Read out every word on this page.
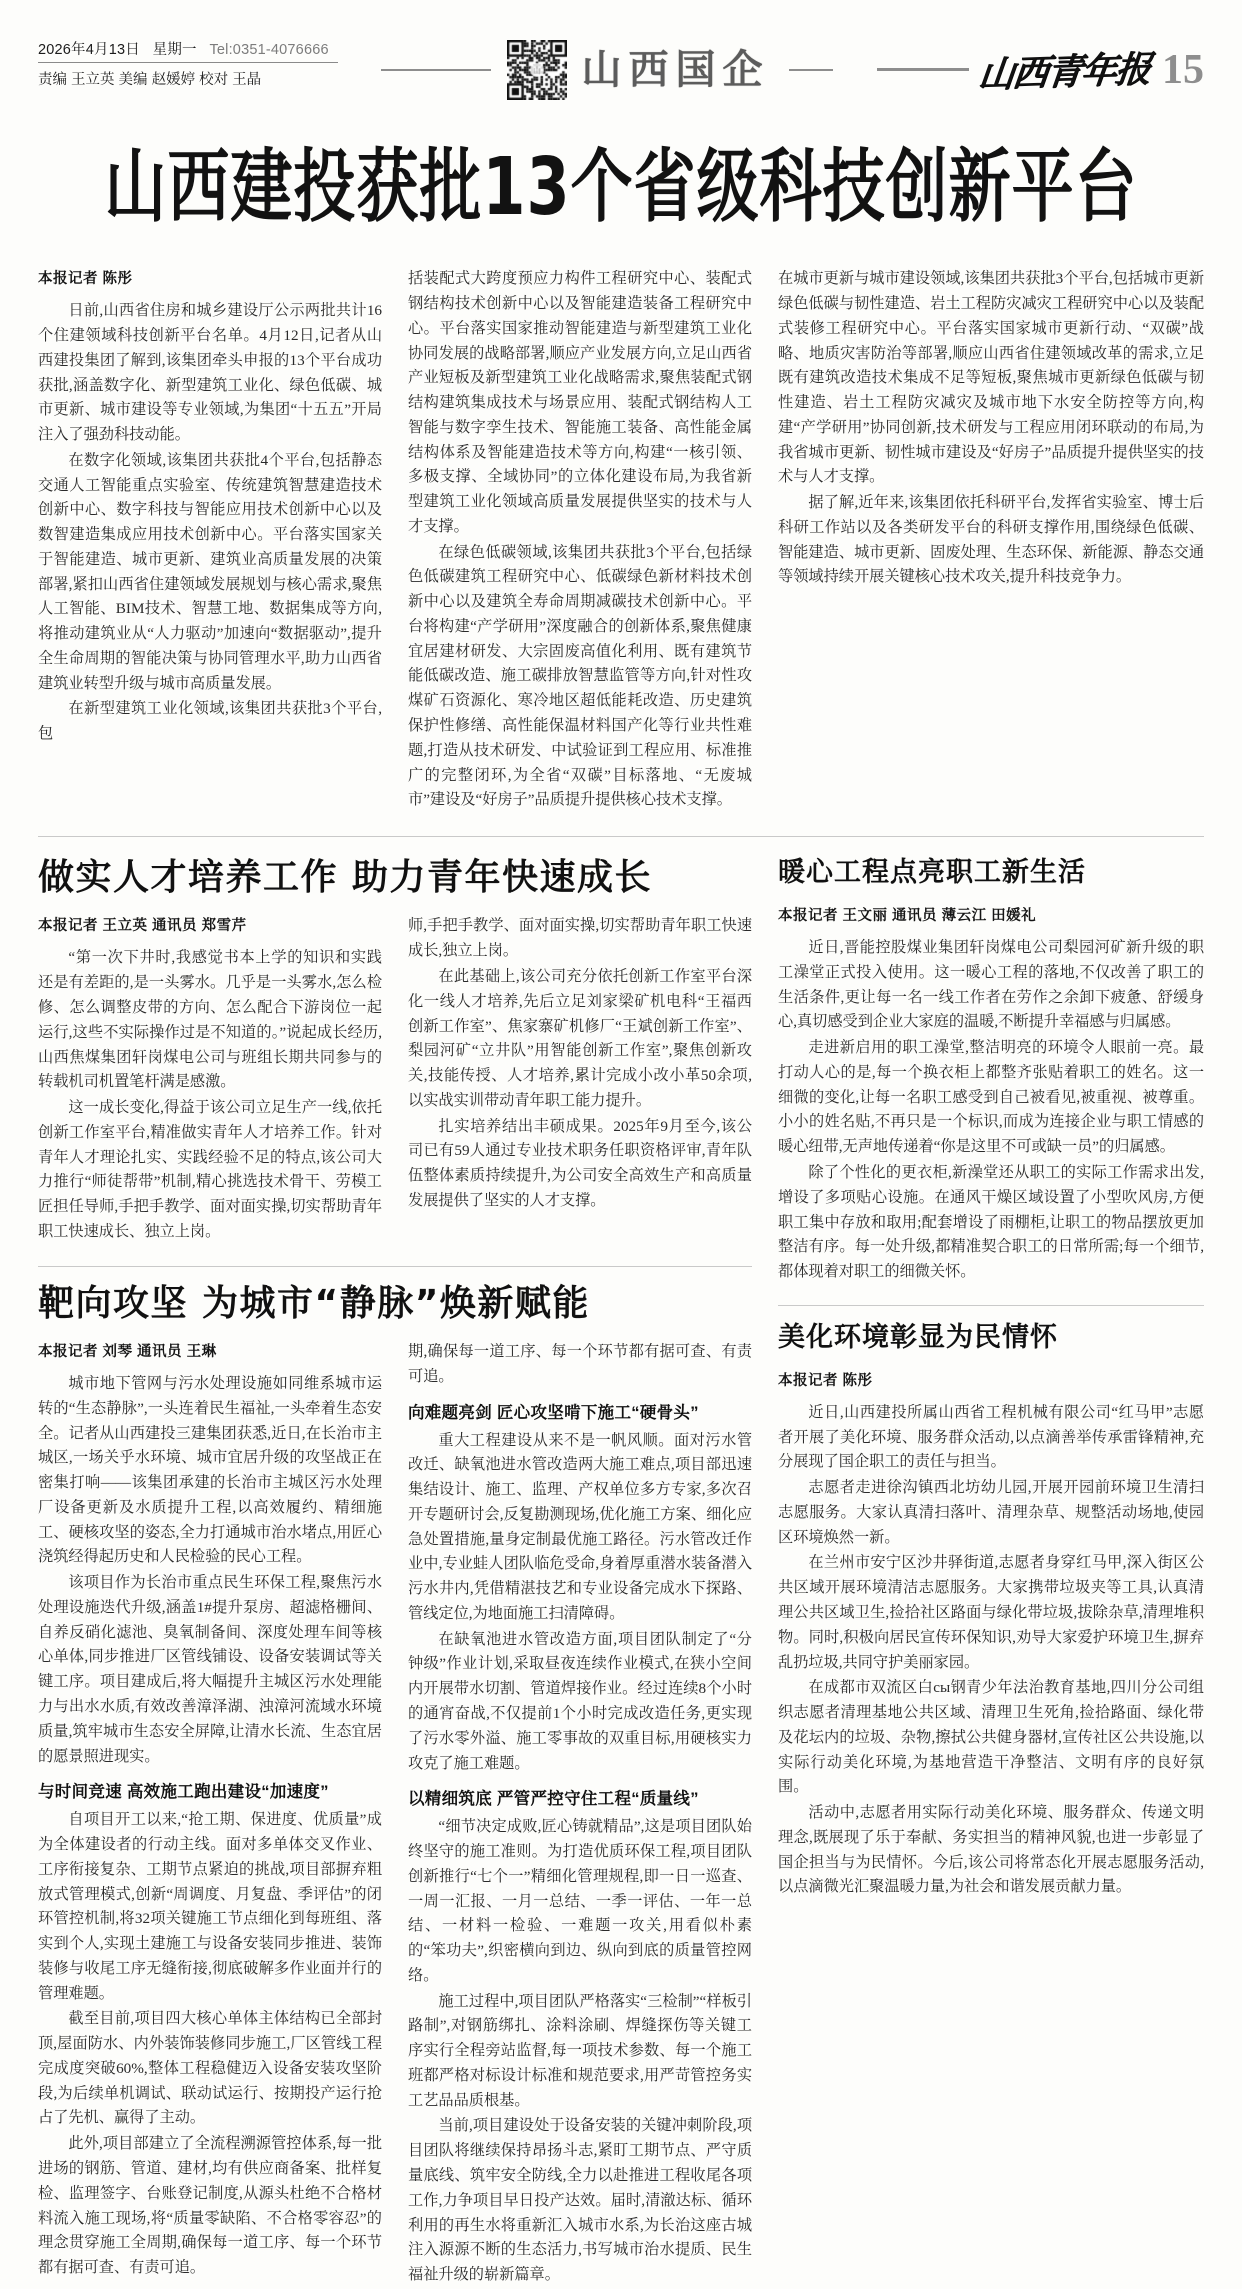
2026年4月13日 星期一 Tel:0351-4076666
责编 王立英 美编 赵媛婷 校对 王晶	山西国企	山西青年报 15
山西建投获批13个省级科技创新平台
本报记者 陈彤

日前,山西省住房和城乡建设厅公示两批共计16个住建领域科技创新平台名单。4月12日,记者从山西建投集团了解到,该集团牵头申报的13个平台成功获批,涵盖数字化、新型建筑工业化、绿色低碳、城市更新、城市建设等专业领域,为集团“十五五”开局注入了强劲科技动能。

在数字化领域,该集团共获批4个平台,包括静态交通人工智能重点实验室、传统建筑智慧建造技术创新中心、数字科技与智能应用技术创新中心以及数智建造集成应用技术创新中心。平台落实国家关于智能建造、城市更新、建筑业高质量发展的决策部署,紧扣山西省住建领域发展规划与核心需求,聚焦人工智能、BIM技术、智慧工地、数据集成等方向,将推动建筑业从“人力驱动”加速向“数据驱动”,提升全生命周期的智能决策与协同管理水平,助力山西省建筑业转型升级与城市高质量发展。

在新型建筑工业化领域,该集团共获批3个平台,包

括装配式大跨度预应力构件工程研究中心、装配式钢结构技术创新中心以及智能建造装备工程研究中心。平台落实国家推动智能建造与新型建筑工业化协同发展的战略部署,顺应产业发展方向,立足山西省产业短板及新型建筑工业化战略需求,聚焦装配式钢结构建筑集成技术与场景应用、装配式钢结构人工智能与数字孪生技术、智能施工装备、高性能金属结构体系及智能建造技术等方向,构建“一核引领、多极支撑、全域协同”的立体化建设布局,为我省新型建筑工业化领域高质量发展提供坚实的技术与人才支撑。

在绿色低碳领域,该集团共获批3个平台,包括绿色低碳建筑工程研究中心、低碳绿色新材料技术创新中心以及建筑全寿命周期减碳技术创新中心。平台将构建“产学研用”深度融合的创新体系,聚焦健康宜居建材研发、大宗固废高值化利用、既有建筑节能低碳改造、施工碳排放智慧监管等方向,针对性攻煤矿石资源化、寒冷地区超低能耗改造、历史建筑保护性修缮、高性能保温材料国产化等行业共性难题,打造从技术研发、中试验证到工程应用、标准推广的完整闭环,为全省“双碳”目标落地、“无废城市”建设及“好房子”品质提升提供核心技术支撑。

在城市更新与城市建设领域,该集团共获批3个平台,包括城市更新绿色低碳与韧性建造、岩土工程防灾减灾工程研究中心以及装配式装修工程研究中心。平台落实国家城市更新行动、“双碳”战略、地质灾害防治等部署,顺应山西省住建领域改革的需求,立足既有建筑改造技术集成不足等短板,聚焦城市更新绿色低碳与韧性建造、岩土工程防灾减灾及城市地下水安全防控等方向,构建“产学研用”协同创新,技术研发与工程应用闭环联动的布局,为我省城市更新、韧性城市建设及“好房子”品质提升提供坚实的技术与人才支撑。

据了解,近年来,该集团依托科研平台,发挥省实验室、博士后科研工作站以及各类研发平台的科研支撑作用,围绕绿色低碳、智能建造、城市更新、固废处理、生态环保、新能源、静态交通等领域持续开展关键核心技术攻关,提升科技竞争力。

做实人才培养工作 助力青年快速成长
本报记者 王立英 通讯员 郑雪芹

“第一次下井时,我感觉书本上学的知识和实践还是有差距的,是一头雾水。几乎是一头雾水,怎么检修、怎么调整皮带的方向、怎么配合下游岗位一起运行,这些不实际操作过是不知道的。”说起成长经历,山西焦煤集团轩岗煤电公司与班组长期共同参与的转载机司机置笔杆满是感激。

这一成长变化,得益于该公司立足生产一线,依托创新工作室平台,精准做实青年人才培养工作。针对青年人才理论扎实、实践经验不足的特点,该公司大力推行“师徒帮带”机制,精心挑选技术骨干、劳模工匠担任导师,手把手教学、面对面实操,切实帮助青年职工快速成长、独立上岗。

师,手把手教学、面对面实操,切实帮助青年职工快速成长,独立上岗。

在此基础上,该公司充分依托创新工作室平台深化一线人才培养,先后立足刘家梁矿机电科“王福西创新工作室”、焦家寨矿机修厂“王斌创新工作室”、梨园河矿“立井队”用智能创新工作室”,聚焦创新攻关,技能传授、人才培养,累计完成小改小革50余项,以实战实训带动青年职工能力提升。

扎实培养结出丰硕成果。2025年9月至今,该公司已有59人通过专业技术职务任职资格评审,青年队伍整体素质持续提升,为公司安全高效生产和高质量发展提供了坚实的人才支撑。

靶向攻坚 为城市“静脉”焕新赋能
本报记者 刘琴 通讯员 王琳

城市地下管网与污水处理设施如同维系城市运转的“生态静脉”,一头连着民生福祉,一头牵着生态安全。记者从山西建投三建集团获悉,近日,在长治市主城区,一场关乎水环境、城市宜居升级的攻坚战正在密集打响——该集团承建的长治市主城区污水处理厂设备更新及水质提升工程,以高效履约、精细施工、硬核攻坚的姿态,全力打通城市治水堵点,用匠心浇筑经得起历史和人民检验的民心工程。

该项目作为长治市重点民生环保工程,聚焦污水处理设施迭代升级,涵盖1#提升泵房、超滤格栅间、自养反硝化滤池、臭氧制备间、深度处理车间等核心单体,同步推进厂区管线铺设、设备安装调试等关键工序。项目建成后,将大幅提升主城区污水处理能力与出水水质,有效改善漳泽湖、浊漳河流域水环境质量,筑牢城市生态安全屏障,让清水长流、生态宜居的愿景照进现实。

与时间竞速 高效施工跑出建设“加速度”

自项目开工以来,“抢工期、保进度、优质量”成为全体建设者的行动主线。面对多单体交叉作业、工序衔接复杂、工期节点紧迫的挑战,项目部摒弃粗放式管理模式,创新“周调度、月复盘、季评估”的闭环管控机制,将32项关键施工节点细化到每班组、落实到个人,实现土建施工与设备安装同步推进、装饰装修与收尾工序无缝衔接,彻底破解多作业面并行的管理难题。

截至目前,项目四大核心单体主体结构已全部封顶,屋面防水、内外装饰装修同步施工,厂区管线工程完成度突破60%,整体工程稳健迈入设备安装攻坚阶段,为后续单机调试、联动试运行、按期投产运行抢占了先机、赢得了主动。

此外,项目部建立了全流程溯源管控体系,每一批进场的钢筋、管道、建材,均有供应商备案、批样复检、监理签字、台账登记制度,从源头杜绝不合格材料流入施工现场,将“质量零缺陷、不合格零容忍”的理念贯穿施工全周期,确保每一道工序、每一个环节都有据可查、有责可追。

期,确保每一道工序、每一个环节都有据可查、有责可追。

向难题亮剑 匠心攻坚啃下施工“硬骨头”

重大工程建设从来不是一帆风顺。面对污水管改迁、缺氧池进水管改造两大施工难点,项目部迅速集结设计、施工、监理、产权单位多方专家,多次召开专题研讨会,反复勘测现场,优化施工方案、细化应急处置措施,量身定制最优施工路径。污水管改迁作业中,专业蛙人团队临危受命,身着厚重潜水装备潜入污水井内,凭借精湛技艺和专业设备完成水下探路、管线定位,为地面施工扫清障碍。

在缺氧池进水管改造方面,项目团队制定了“分钟级”作业计划,采取昼夜连续作业模式,在狭小空间内开展带水切割、管道焊接作业。经过连续8个小时的通宵奋战,不仅提前1个小时完成改造任务,更实现了污水零外溢、施工零事故的双重目标,用硬核实力攻克了施工难题。

以精细筑底 严管严控守住工程“质量线”

“细节决定成败,匠心铸就精品”,这是项目团队始终坚守的施工准则。为打造优质环保工程,项目团队创新推行“七个一”精细化管理规程,即一日一巡查、一周一汇报、一月一总结、一季一评估、一年一总结、一材料一检验、一难题一攻关,用看似朴素的“笨功夫”,织密横向到边、纵向到底的质量管控网络。

施工过程中,项目团队严格落实“三检制”“样板引路制”,对钢筋绑扎、涂料涂刷、焊缝探伤等关键工序实行全程旁站监督,每一项技术参数、每一个施工班都严格对标设计标准和规范要求,用严苛管控务实工艺品品质根基。

当前,项目建设处于设备安装的关键冲刺阶段,项目团队将继续保持昂扬斗志,紧盯工期节点、严守质量底线、筑牢安全防线,全力以赴推进工程收尾各项工作,力争项目早日投产达效。届时,清澈达标、循环利用的再生水将重新汇入城市水系,为长治这座古城注入源源不断的生态活力,书写城市治水提质、民生福祉升级的崭新篇章。

暖心工程点亮职工新生活
本报记者 王文丽 通讯员 薄云江 田媛礼

近日,晋能控股煤业集团轩岗煤电公司梨园河矿新升级的职工澡堂正式投入使用。这一暖心工程的落地,不仅改善了职工的生活条件,更让每一名一线工作者在劳作之余卸下疲惫、舒缓身心,真切感受到企业大家庭的温暖,不断提升幸福感与归属感。

走进新启用的职工澡堂,整洁明亮的环境令人眼前一亮。最打动人心的是,每一个换衣柜上都整齐张贴着职工的姓名。这一细微的变化,让每一名职工感受到自己被看见,被重视、被尊重。小小的姓名贴,不再只是一个标识,而成为连接企业与职工情感的暖心纽带,无声地传递着“你是这里不可或缺一员”的归属感。

除了个性化的更衣柜,新澡堂还从职工的实际工作需求出发,增设了多项贴心设施。在通风干燥区域设置了小型吹风房,方便职工集中存放和取用;配套增设了雨棚柜,让职工的物品摆放更加整洁有序。每一处升级,都精准契合职工的日常所需;每一个细节,都体现着对职工的细微关怀。

美化环境彰显为民情怀
本报记者 陈彤

近日,山西建投所属山西省工程机械有限公司“红马甲”志愿者开展了美化环境、服务群众活动,以点滴善举传承雷锋精神,充分展现了国企职工的责任与担当。

志愿者走进徐沟镇西北坊幼儿园,开展开园前环境卫生清扫志愿服务。大家认真清扫落叶、清理杂草、规整活动场地,使园区环境焕然一新。

在兰州市安宁区沙井驿街道,志愿者身穿红马甲,深入街区公共区域开展环境清洁志愿服务。大家携带垃圾夹等工具,认真清理公共区域卫生,捡拾社区路面与绿化带垃圾,拔除杂草,清理堆积物。同时,积极向居民宣传环保知识,劝导大家爱护环境卫生,摒弃乱扔垃圾,共同守护美丽家园。

在成都市双流区白сы钢青少年法治教育基地,四川分公司组织志愿者清理基地公共区域、清理卫生死角,捡拾路面、绿化带及花坛内的垃圾、杂物,擦拭公共健身器材,宣传社区公共设施,以实际行动美化环境,为基地营造干净整洁、文明有序的良好氛围。

活动中,志愿者用实际行动美化环境、服务群众、传递文明理念,既展现了乐于奉献、务实担当的精神风貌,也进一步彰显了国企担当与为民情怀。今后,该公司将常态化开展志愿服务活动,以点滴微光汇聚温暖力量,为社会和谐发展贡献力量。
